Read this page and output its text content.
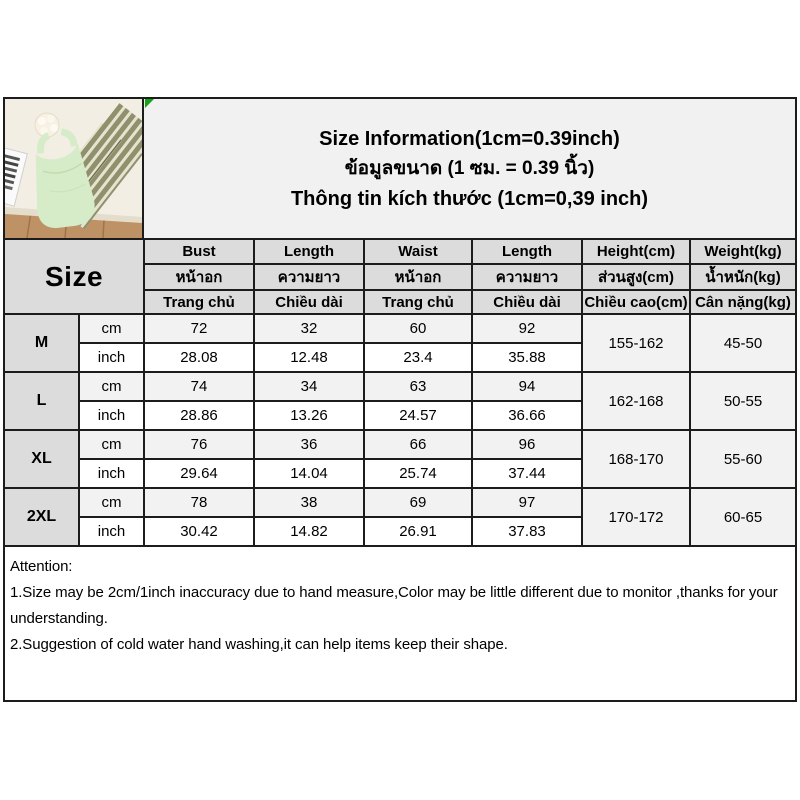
Size Information(1cm=0.39inch)
ข้อมูลขนาด (1 ซม. = 0.39 นิ้ว)
Thông tin kích thước (1cm=0,39 inch)
Size		Bust	Length	Waist	Length	Height(cm)	Weight(kg)
		หน้าอก	ความยาว	หน้าอก	ความยาว	ส่วนสูง(cm)	น้ำหนัก(kg)
		Trang chủ	Chiều dài	Trang chủ	Chiều dài	Chiều cao(cm)	Cân nặng(kg)
M	cm	72	32	60	92	155-162	45-50
	inch	28.08	12.48	23.4	35.88		
L	cm	74	34	63	94	162-168	50-55
	inch	28.86	13.26	24.57	36.66		
XL	cm	76	36	66	96	168-170	55-60
	inch	29.64	14.04	25.74	37.44		
2XL	cm	78	38	69	97	170-172	60-65
	inch	30.42	14.82	26.91	37.83		
Attention:
1.Size may be 2cm/1inch inaccuracy due to hand measure,Color may be little different due to monitor ,thanks for your understanding.
2.Suggestion of cold water hand washing,it can help items keep their shape.
